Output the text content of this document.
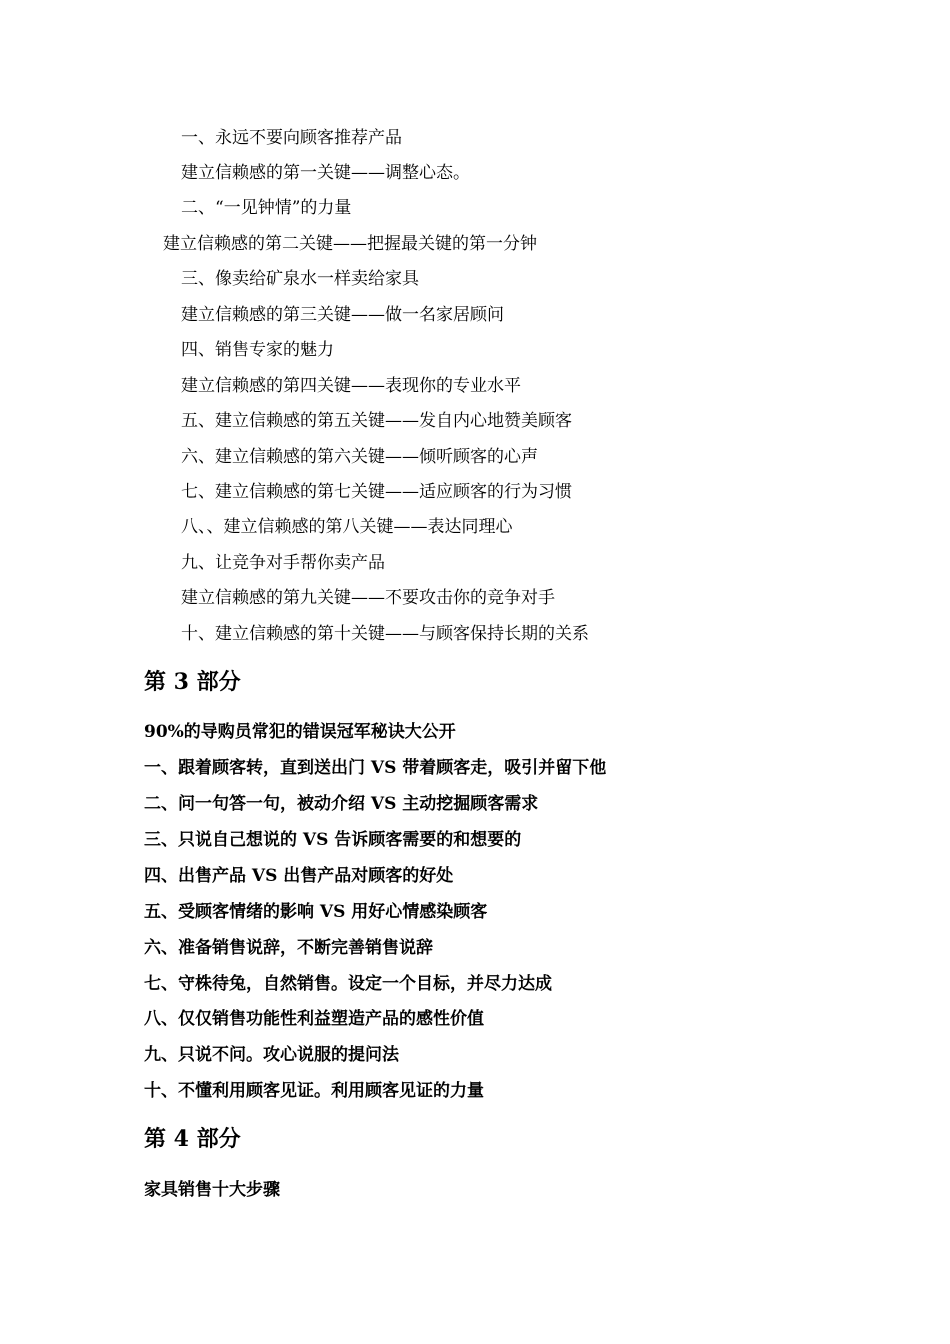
一、永远不要向顾客推荐产品
建立信赖感的第一关键——调整心态。
二、“一见钟情”的力量
建立信赖感的第二关键——把握最关键的第一分钟
三、像卖给矿泉水一样卖给家具
建立信赖感的第三关键——做一名家居顾问
四、销售专家的魅力
建立信赖感的第四关键——表现你的专业水平
五、建立信赖感的第五关键——发自内心地赞美顾客
六、建立信赖感的第六关键——倾听顾客的心声
七、建立信赖感的第七关键——适应顾客的行为习惯
八、、建立信赖感的第八关键——表达同理心
九、让竞争对手帮你卖产品
建立信赖感的第九关键——不要攻击你的竞争对手
十、建立信赖感的第十关键——与顾客保持长期的关系
第 3 部分
90%的导购员常犯的错误冠军秘诀大公开
一、跟着顾客转，直到送出门 VS 带着顾客走，吸引并留下他
二、问一句答一句，被动介绍 VS 主动挖掘顾客需求
三、只说自己想说的 VS 告诉顾客需要的和想要的
四、出售产品 VS 出售产品对顾客的好处
五、受顾客情绪的影响 VS 用好心情感染顾客
六、准备销售说辞，不断完善销售说辞
七、守株待兔，自然销售。设定一个目标，并尽力达成
八、仅仅销售功能性利益塑造产品的感性价值
九、只说不问。攻心说服的提问法
十、不懂利用顾客见证。利用顾客见证的力量
第 4 部分
家具销售十大步骤
